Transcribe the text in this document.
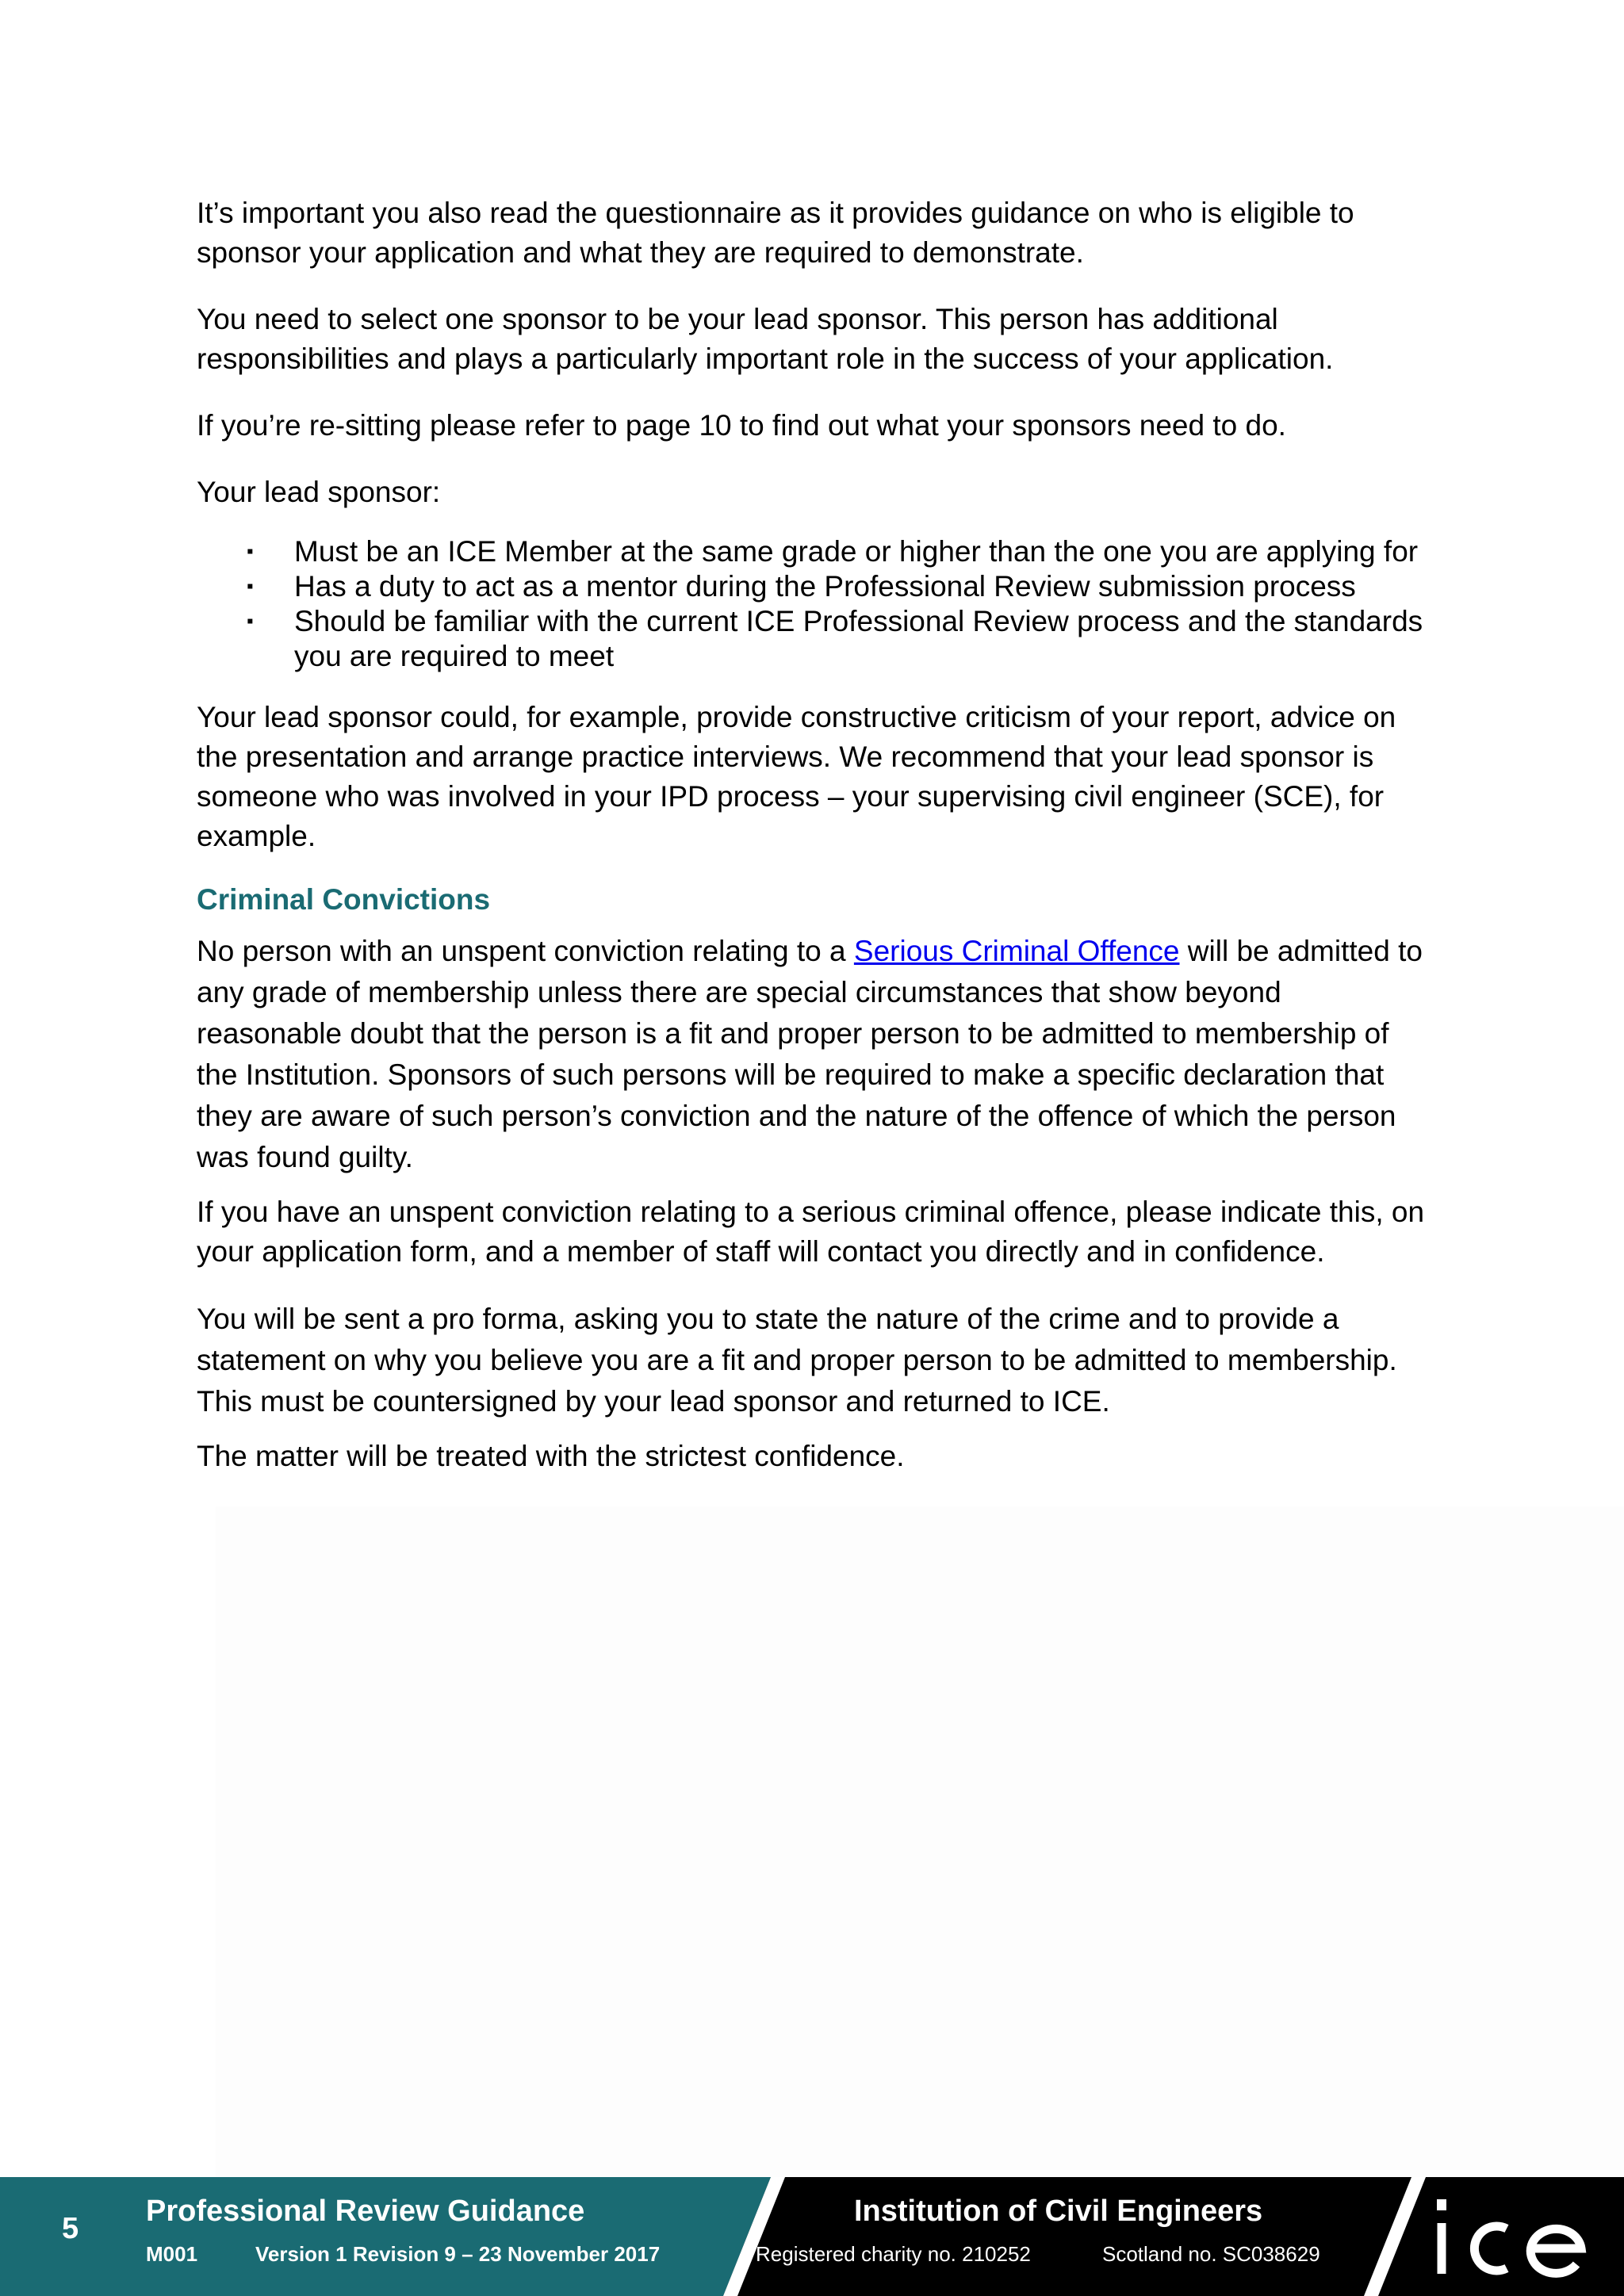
It’s important you also read the questionnaire as it provides guidance on who is eligible to sponsor your application and what they are required to demonstrate.

You need to select one sponsor to be your lead sponsor. This person has additional responsibilities and plays a particularly important role in the success of your application.

If you’re re-sitting please refer to page 10 to find out what your sponsors need to do.

Your lead sponsor:

▪ Must be an ICE Member at the same grade or higher than the one you are applying for
▪ Has a duty to act as a mentor during the Professional Review submission process
▪ Should be familiar with the current ICE Professional Review process and the standards you are required to meet

Your lead sponsor could, for example, provide constructive criticism of your report, advice on the presentation and arrange practice interviews. We recommend that your lead sponsor is someone who was involved in your IPD process – your supervising civil engineer (SCE), for example.

Criminal Convictions

No person with an unspent conviction relating to a Serious Criminal Offence will be admitted to any grade of membership unless there are special circumstances that show beyond reasonable doubt that the person is a fit and proper person to be admitted to membership of the Institution. Sponsors of such persons will be required to make a specific declaration that they are aware of such person’s conviction and the nature of the offence of which the person was found guilty.

If you have an unspent conviction relating to a serious criminal offence, please indicate this, on your application form, and a member of staff will contact you directly and in confidence.

You will be sent a pro forma, asking you to state the nature of the crime and to provide a statement on why you believe you are a fit and proper person to be admitted to membership. This must be countersigned by your lead sponsor and returned to ICE.

The matter will be treated with the strictest confidence.

5
Professional Review Guidance
M001	Version 1 Revision 9 – 23 November 2017
Institution of Civil Engineers
Registered charity no. 210252	Scotland no. SC038629
